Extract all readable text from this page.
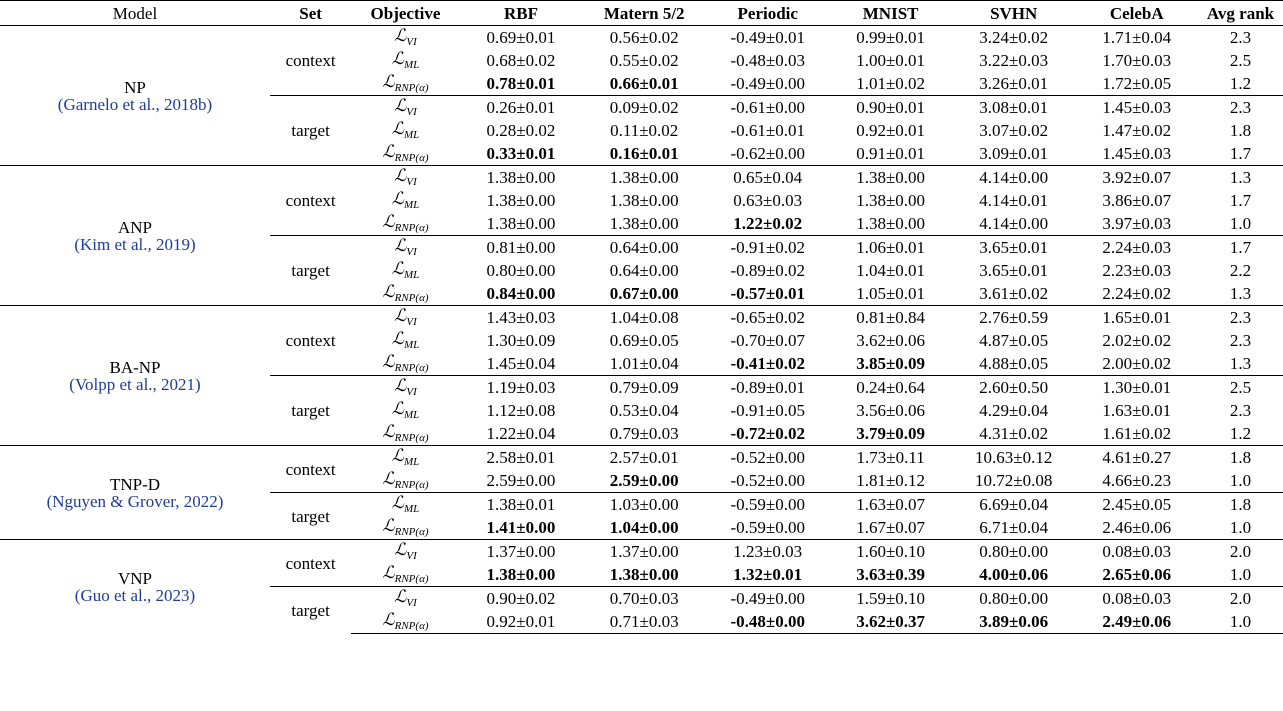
Model	Set	Objective	RBF	Matern 5/2	Periodic	MNIST	SVHN	CelebA	Avg rank

NP
(Garnelo et al., 2018b)	context	ℒ$_{VI}$	0.69±0.01	0.56±0.02	-0.49±0.01	0.99±0.01	3.24±0.02	1.71±0.04	2.3
		ℒ$_{ML}$	0.68±0.02	0.55±0.02	-0.48±0.03	1.00±0.01	3.22±0.03	1.70±0.03	2.5
		ℒ$_{RNP(\alpha)}$	0.78±0.01	0.66±0.01	-0.49±0.00	1.01±0.02	3.26±0.01	1.72±0.05	1.2
	target	ℒ$_{VI}$	0.26±0.01	0.09±0.02	-0.61±0.00	0.90±0.01	3.08±0.01	1.45±0.03	2.3
		ℒ$_{ML}$	0.28±0.02	0.11±0.02	-0.61±0.01	0.92±0.01	3.07±0.02	1.47±0.02	1.8
		ℒ$_{RNP(\alpha)}$	0.33±0.01	0.16±0.01	-0.62±0.00	0.91±0.01	3.09±0.01	1.45±0.03	1.7

ANP
(Kim et al., 2019)	context	ℒ$_{VI}$	1.38±0.00	1.38±0.00	0.65±0.04	1.38±0.00	4.14±0.00	3.92±0.07	1.3
		ℒ$_{ML}$	1.38±0.00	1.38±0.00	0.63±0.03	1.38±0.00	4.14±0.01	3.86±0.07	1.7
		ℒ$_{RNP(\alpha)}$	1.38±0.00	1.38±0.00	1.22±0.02	1.38±0.00	4.14±0.00	3.97±0.03	1.0
	target	ℒ$_{VI}$	0.81±0.00	0.64±0.00	-0.91±0.02	1.06±0.01	3.65±0.01	2.24±0.03	1.7
		ℒ$_{ML}$	0.80±0.00	0.64±0.00	-0.89±0.02	1.04±0.01	3.65±0.01	2.23±0.03	2.2
		ℒ$_{RNP(\alpha)}$	0.84±0.00	0.67±0.00	-0.57±0.01	1.05±0.01	3.61±0.02	2.24±0.02	1.3

BA-NP
(Volpp et al., 2021)	context	ℒ$_{VI}$	1.43±0.03	1.04±0.08	-0.65±0.02	0.81±0.84	2.76±0.59	1.65±0.01	2.3
		ℒ$_{ML}$	1.30±0.09	0.69±0.05	-0.70±0.07	3.62±0.06	4.87±0.05	2.02±0.02	2.3
		ℒ$_{RNP(\alpha)}$	1.45±0.04	1.01±0.04	-0.41±0.02	3.85±0.09	4.88±0.05	2.00±0.02	1.3
	target	ℒ$_{VI}$	1.19±0.03	0.79±0.09	-0.89±0.01	0.24±0.64	2.60±0.50	1.30±0.01	2.5
		ℒ$_{ML}$	1.12±0.08	0.53±0.04	-0.91±0.05	3.56±0.06	4.29±0.04	1.63±0.01	2.3
		ℒ$_{RNP(\alpha)}$	1.22±0.04	0.79±0.03	-0.72±0.02	3.79±0.09	4.31±0.02	1.61±0.02	1.2

TNP-D
(Nguyen & Grover, 2022)	context	ℒ$_{ML}$	2.58±0.01	2.57±0.01	-0.52±0.00	1.73±0.11	10.63±0.12	4.61±0.27	1.8
		ℒ$_{RNP(\alpha)}$	2.59±0.00	2.59±0.00	-0.52±0.00	1.81±0.12	10.72±0.08	4.66±0.23	1.0
	target	ℒ$_{ML}$	1.38±0.01	1.03±0.00	-0.59±0.00	1.63±0.07	6.69±0.04	2.45±0.05	1.8
		ℒ$_{RNP(\alpha)}$	1.41±0.00	1.04±0.00	-0.59±0.00	1.67±0.07	6.71±0.04	2.46±0.06	1.0

VNP
(Guo et al., 2023)	context	ℒ$_{VI}$	1.37±0.00	1.37±0.00	1.23±0.03	1.60±0.10	0.80±0.00	0.08±0.03	2.0
		ℒ$_{RNP(\alpha)}$	1.38±0.00	1.38±0.00	1.32±0.01	3.63±0.39	4.00±0.06	2.65±0.06	1.0
	target	ℒ$_{VI}$	0.90±0.02	0.70±0.03	-0.49±0.00	1.59±0.10	0.80±0.00	0.08±0.03	2.0
		ℒ$_{RNP(\alpha)}$	0.92±0.01	0.71±0.03	-0.48±0.00	3.62±0.37	3.89±0.06	2.49±0.06	1.0
